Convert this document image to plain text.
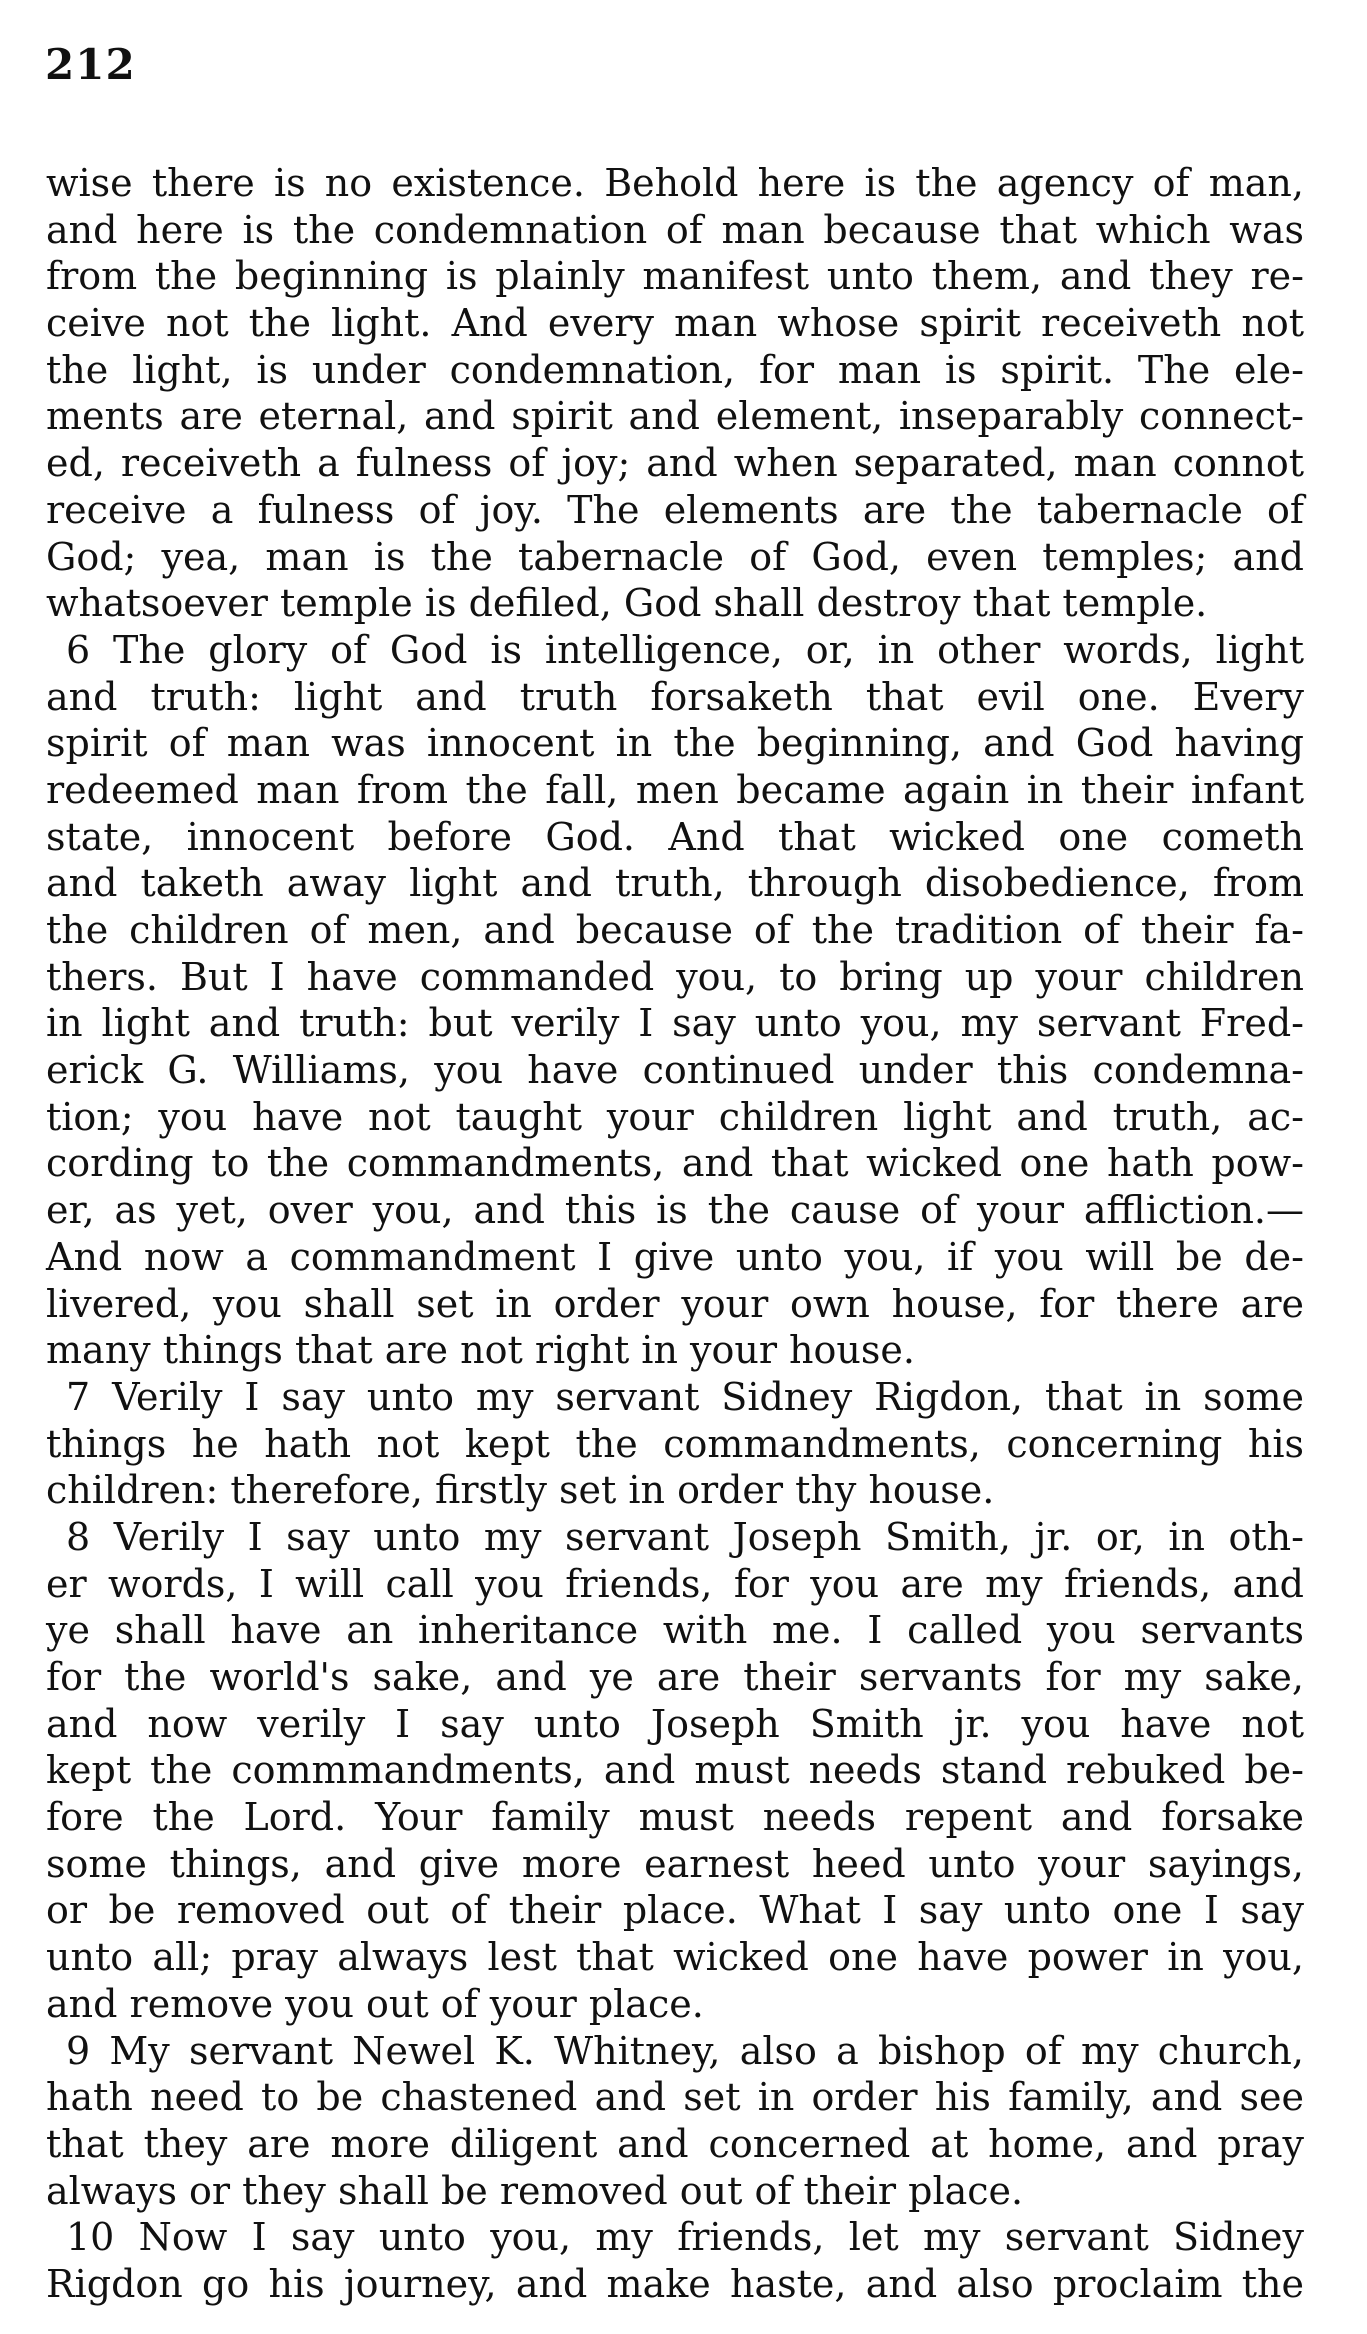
212
wise there is no existence. Behold here is the agency of man,
and here is the condemnation of man because that which was
from the beginning is plainly manifest unto them, and they re-
ceive not the light. And every man whose spirit receiveth not
the light, is under condemnation, for man is spirit. The ele-
ments are eternal, and spirit and element, inseparably connect-
ed, receiveth a fulness of joy; and when separated, man connot
receive a fulness of joy. The elements are the tabernacle of
God; yea, man is the tabernacle of God, even temples; and
whatsoever temple is defiled, God shall destroy that temple.
6 The glory of God is intelligence, or, in other words, light
and truth: light and truth forsaketh that evil one. Every
spirit of man was innocent in the beginning, and God having
redeemed man from the fall, men became again in their infant
state, innocent before God. And that wicked one cometh
and taketh away light and truth, through disobedience, from
the children of men, and because of the tradition of their fa-
thers. But I have commanded you, to bring up your children
in light and truth: but verily I say unto you, my servant Fred-
erick G. Williams, you have continued under this condemna-
tion; you have not taught your children light and truth, ac-
cording to the commandments, and that wicked one hath pow-
er, as yet, over you, and this is the cause of your affliction.—
And now a commandment I give unto you, if you will be de-
livered, you shall set in order your own house, for there are
many things that are not right in your house.
7 Verily I say unto my servant Sidney Rigdon, that in some
things he hath not kept the commandments, concerning his
children: therefore, firstly set in order thy house.
8 Verily I say unto my servant Joseph Smith, jr. or, in oth-
er words, I will call you friends, for you are my friends, and
ye shall have an inheritance with me. I called you servants
for the world's sake, and ye are their servants for my sake,
and now verily I say unto Joseph Smith jr. you have not
kept the commmandments, and must needs stand rebuked be-
fore the Lord. Your family must needs repent and forsake
some things, and give more earnest heed unto your sayings,
or be removed out of their place. What I say unto one I say
unto all; pray always lest that wicked one have power in you,
and remove you out of your place.
9 My servant Newel K. Whitney, also a bishop of my church,
hath need to be chastened and set in order his family, and see
that they are more diligent and concerned at home, and pray
always or they shall be removed out of their place.
10 Now I say unto you, my friends, let my servant Sidney
Rigdon go his journey, and make haste, and also proclaim the
